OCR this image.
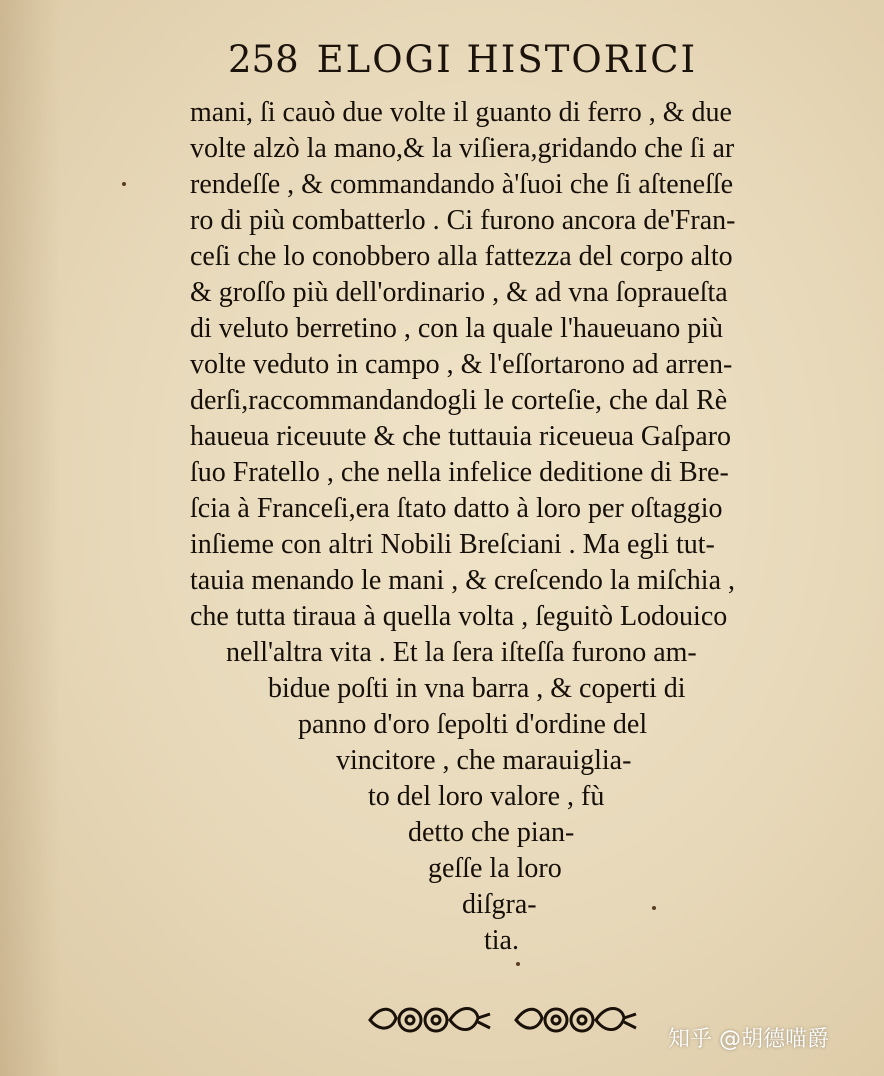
258 ELOGI HISTORICI
mani, ſi cauò due volte il guanto di ferro , & due
volte alzò la mano,& la viſiera,gridando che ſi ar
rendeſſe , & commandando à'ſuoi che ſi aſteneſſe
ro di più combatterlo . Ci furono ancora de'Fran-
ceſi che lo conobbero alla fattezza del corpo alto
& groſſo più dell'ordinario , & ad vna ſopraueſta
di veluto berretino , con la quale l'haueuano più
volte veduto in campo , & l'eſſortarono ad arren-
derſi,raccommandandogli le corteſie, che dal Rè
haueua riceuute & che tuttauia riceueua Gaſparo
ſuo Fratello , che nella infelice deditione di Bre-
ſcia à Franceſi,era ſtato datto à loro per oſtaggio
inſieme con altri Nobili Breſciani . Ma egli tut-
tauia menando le mani , & creſcendo la miſchia ,
che tutta tiraua à quella volta , ſeguitò Lodouico
nell'altra vita . Et la ſera iſteſſa furono am-
bidue poſti in vna barra , & coperti di
panno d'oro ſepolti d'ordine del
vincitore , che marauiglia-
to del loro valore , fù
detto che pian-
geſſe la loro
diſgra-
tia.
知乎 @胡德喵爵
